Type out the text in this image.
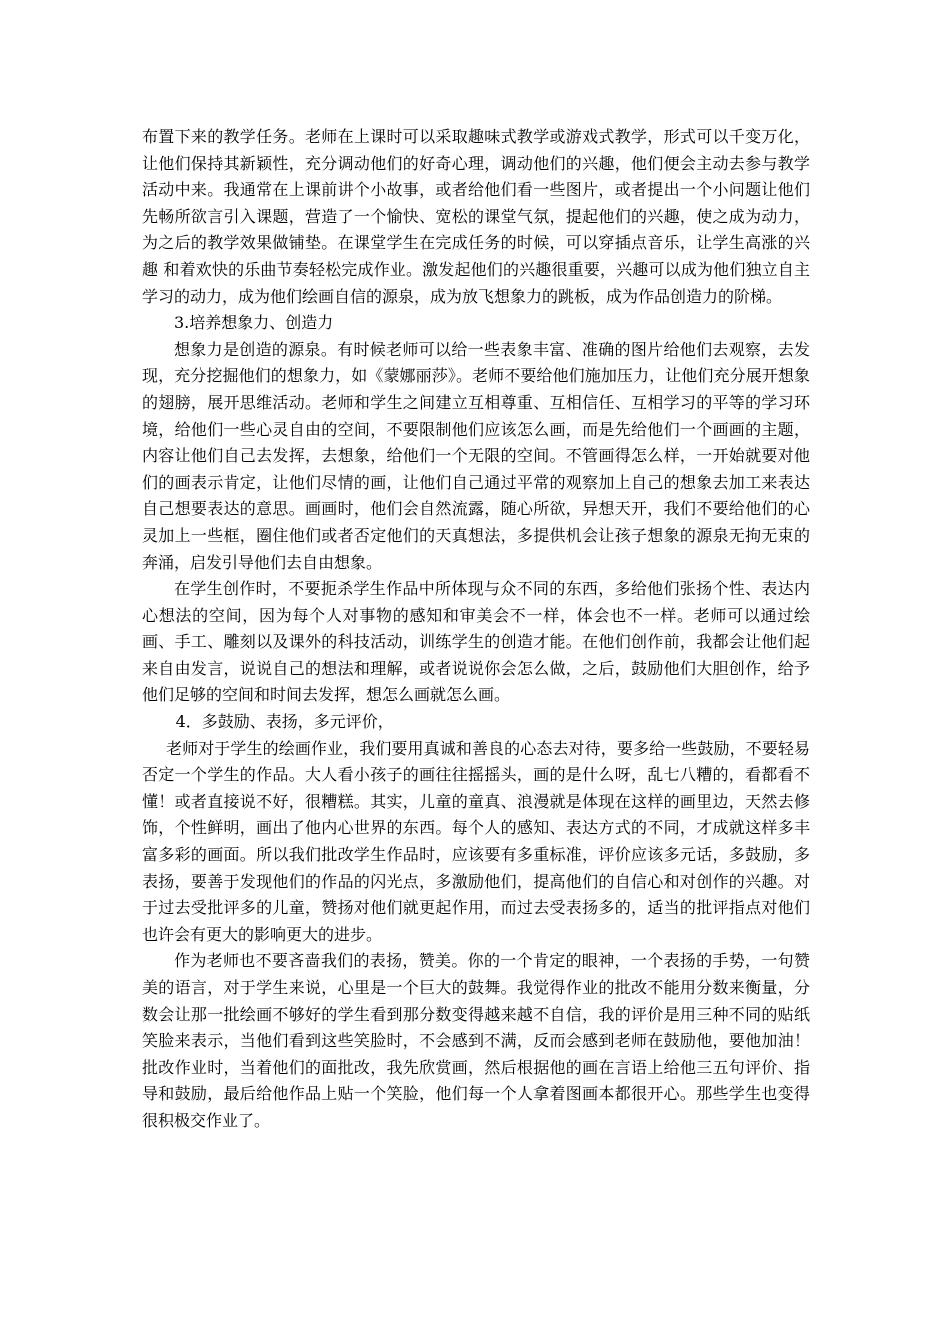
布置下来的教学任务。老师在上课时可以采取趣味式教学或游戏式教学，形式可以千变万化，让他们保持其新颖性，充分调动他们的好奇心理，调动他们的兴趣，他们便会主动去参与教学活动中来。我通常在上课前讲个小故事，或者给他们看一些图片，或者提出一个小问题让他们先畅所欲言引入课题，营造了一个愉快、宽松的课堂气氛，提起他们的兴趣，使之成为动力，为之后的教学效果做铺垫。在课堂学生在完成任务的时候，可以穿插点音乐，让学生高涨的兴趣 和着欢快的乐曲节奏轻松完成作业。激发起他们的兴趣很重要，兴趣可以成为他们独立自主学习的动力，成为他们绘画自信的源泉，成为放飞想象力的跳板，成为作品创造力的阶梯。

3.培养想象力、创造力

想象力是创造的源泉。有时候老师可以给一些表象丰富、准确的图片给他们去观察，去发现，充分挖掘他们的想象力，如《蒙娜丽莎》。老师不要给他们施加压力，让他们充分展开想象的翅膀，展开思维活动。老师和学生之间建立互相尊重、互相信任、互相学习的平等的学习环境，给他们一些心灵自由的空间，不要限制他们应该怎么画，而是先给他们一个画画的主题，内容让他们自己去发挥，去想象，给他们一个无限的空间。不管画得怎么样，一开始就要对他们的画表示肯定，让他们尽情的画，让他们自己通过平常的观察加上自己的想象去加工来表达自己想要表达的意思。画画时，他们会自然流露，随心所欲，异想天开，我们不要给他们的心灵加上一些框，圈住他们或者否定他们的天真想法，多提供机会让孩子想象的源泉无拘无束的奔涌，启发引导他们去自由想象。

在学生创作时，不要扼杀学生作品中所体现与众不同的东西，多给他们张扬个性、表达内心想法的空间，因为每个人对事物的感知和审美会不一样，体会也不一样。老师可以通过绘画、手工、雕刻以及课外的科技活动，训练学生的创造才能。在他们创作前，我都会让他们起来自由发言，说说自己的想法和理解，或者说说你会怎么做，之后，鼓励他们大胆创作，给予他们足够的空间和时间去发挥，想怎么画就怎么画。

4．多鼓励、表扬，多元评价，

老师对于学生的绘画作业，我们要用真诚和善良的心态去对待，要多给一些鼓励，不要轻易否定一个学生的作品。大人看小孩子的画往往摇摇头，画的是什么呀，乱七八糟的，看都看不懂！或者直接说不好，很糟糕。其实，儿童的童真、浪漫就是体现在这样的画里边，天然去修饰，个性鲜明，画出了他内心世界的东西。每个人的感知、表达方式的不同，才成就这样多丰富多彩的画面。所以我们批改学生作品时，应该要有多重标准，评价应该多元话，多鼓励，多表扬，要善于发现他们的作品的闪光点，多激励他们，提高他们的自信心和对创作的兴趣。对于过去受批评多的儿童，赞扬对他们就更起作用，而过去受表扬多的，适当的批评指点对他们也许会有更大的影响更大的进步。

作为老师也不要吝啬我们的表扬，赞美。你的一个肯定的眼神，一个表扬的手势，一句赞美的语言，对于学生来说，心里是一个巨大的鼓舞。我觉得作业的批改不能用分数来衡量，分数会让那一批绘画不够好的学生看到那分数变得越来越不自信，我的评价是用三种不同的贴纸笑脸来表示，当他们看到这些笑脸时，不会感到不满，反而会感到老师在鼓励他，要他加油！批改作业时，当着他们的面批改，我先欣赏画，然后根据他的画在言语上给他三五句评价、指导和鼓励，最后给他作品上贴一个笑脸，他们每一个人拿着图画本都很开心。那些学生也变得很积极交作业了。
